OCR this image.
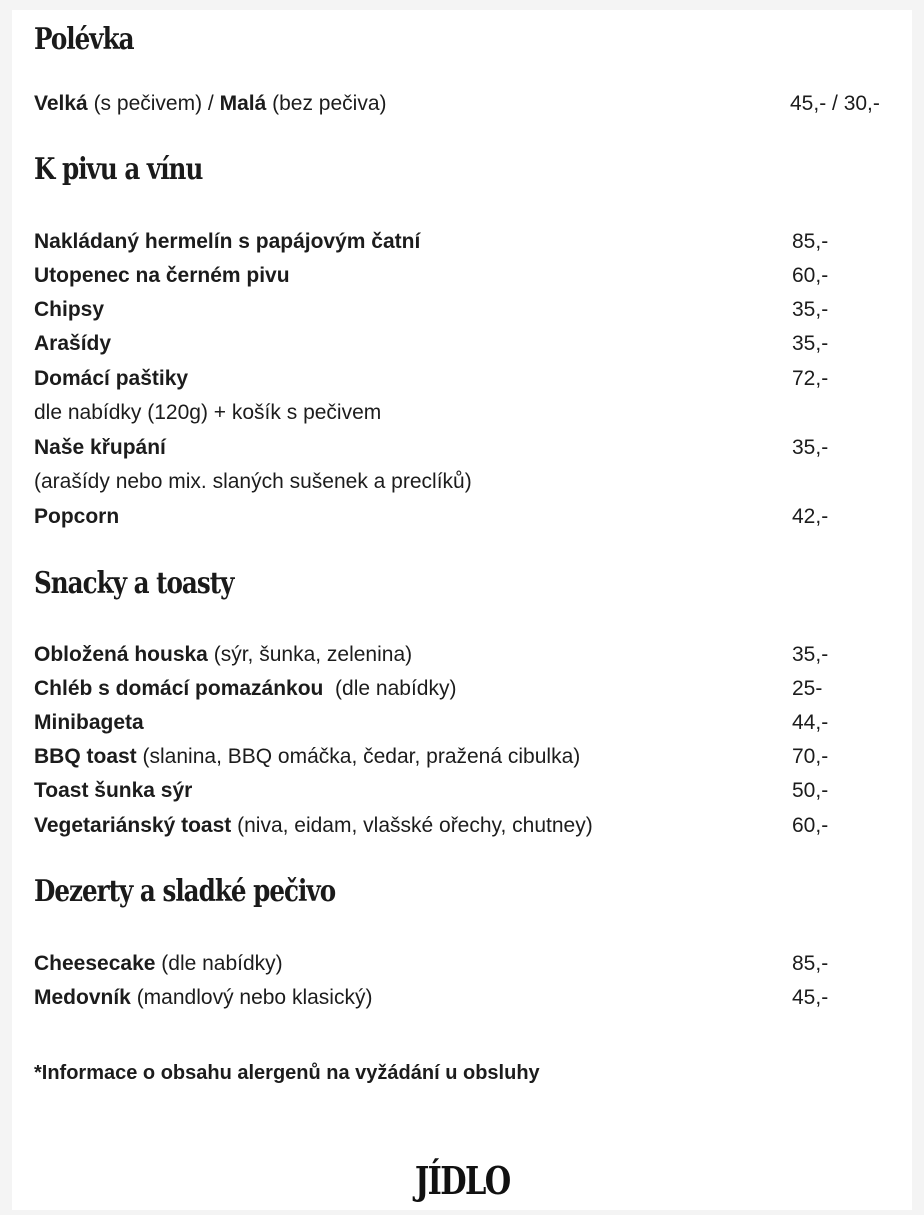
Polévka
Velká (s pečivem) / Malá (bez pečiva)	45,- / 30,-
K pivu a vínu
Nakládaný hermelín s papájovým čatní	85,-
Utopenec na černém pivu	60,-
Chipsy	35,-
Arašídy	35,-
Domácí paštiky	72,-
dle nabídky (120g) + košík s pečivem
Naše křupání	35,-
(arašídy nebo mix. slaných sušenek a preclíků)
Popcorn	42,-
Snacky a toasty
Obložená houska (sýr, šunka, zelenina)	35,-
Chléb s domácí pomazánkou  (dle nabídky)	25-
Minibageta	44,-
BBQ toast (slanina, BBQ omáčka, čedar, pražená cibulka)	70,-
Toast šunka sýr	50,-
Vegetariánský toast (niva, eidam, vlašské ořechy, chutney)	60,-
Dezerty a sladké pečivo
Cheesecake (dle nabídky)	85,-
Medovník (mandlový nebo klasický)	45,-
*Informace o obsahu alergenů na vyžádání u obsluhy
JÍDLO
